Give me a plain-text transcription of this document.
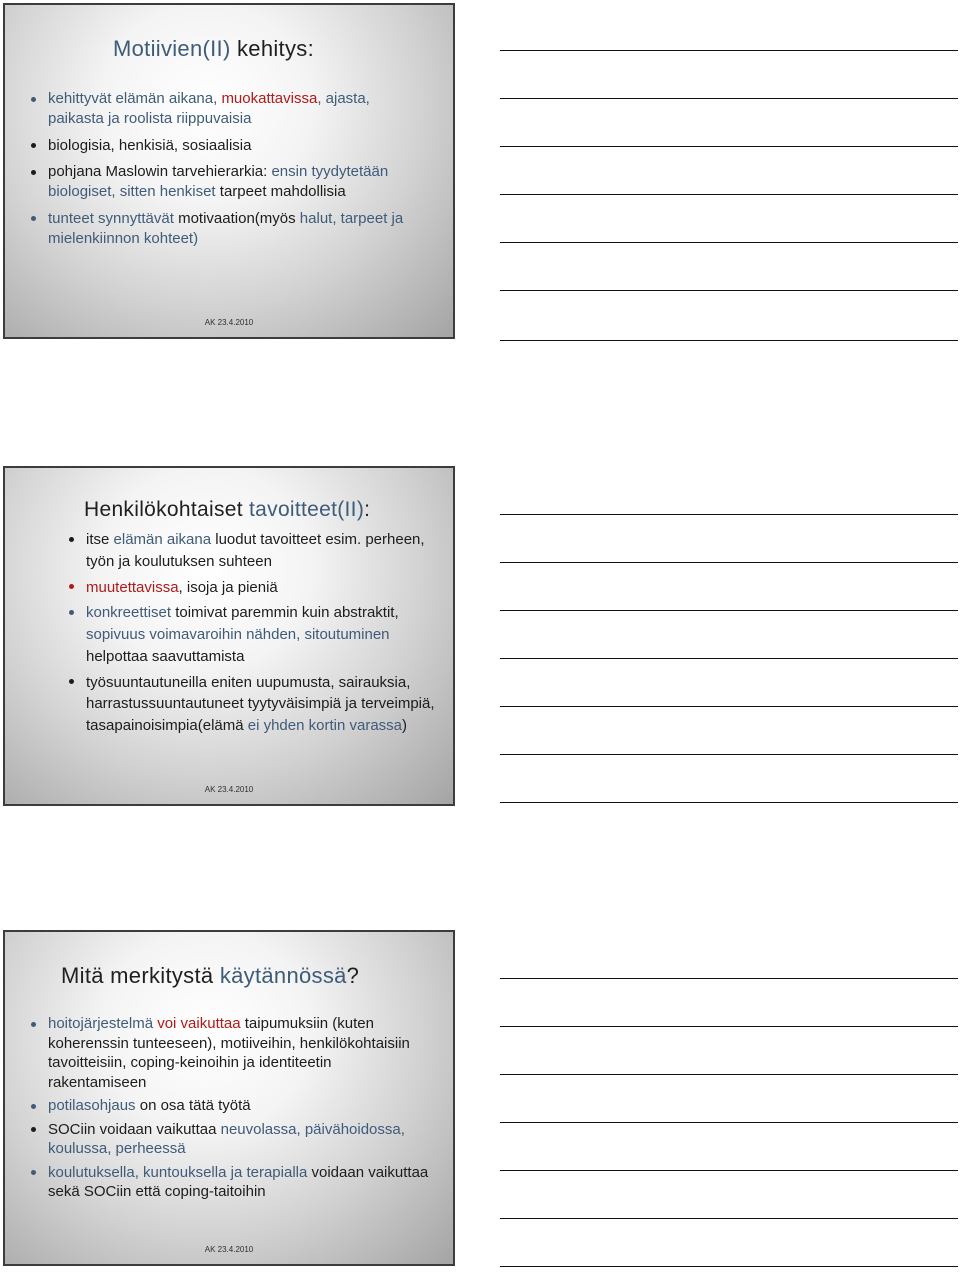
Motiivien(II) kehitys:
kehittyvät elämän aikana, muokattavissa, ajasta, paikasta ja roolista riippuvaisia
biologisia, henkisiä, sosiaalisia
pohjana Maslowin tarvehierarkia: ensin tyydytetään biologiset, sitten henkiset tarpeet mahdollisia
tunteet synnyttävät motivaation(myös halut, tarpeet ja mielenkiinnon kohteet)
AK 23.4.2010
Henkilökohtaiset tavoitteet(II):
itse elämän aikana luodut tavoitteet esim. perheen, työn ja koulutuksen suhteen
muutettavissa, isoja ja pieniä
konkreettiset toimivat paremmin kuin abstraktit, sopivuus voimavaroihin nähden, sitoutuminen helpottaa saavuttamista
työsuuntautuneilla eniten uupumusta, sairauksia, harrastussuuntautuneet tyytyväisimpiä ja terveimpiä, tasapainoisimpia(elämä ei yhden kortin varassa)
AK 23.4.2010
Mitä merkitystä käytännössä?
hoitojärjestelmä voi vaikuttaa taipumuksiin (kuten koherenssin tunteeseen), motiiveihin, henkilökohtaisiin tavoitteisiin, coping-keinoihin ja identiteetin rakentamiseen
potilasohjaus on osa tätä työtä
SOCiin voidaan vaikuttaa neuvolassa, päivähoidossa, koulussa, perheessä
koulutuksella, kuntouksella ja terapialla voidaan vaikuttaa sekä SOCiin että coping-taitoihin
AK 23.4.2010
